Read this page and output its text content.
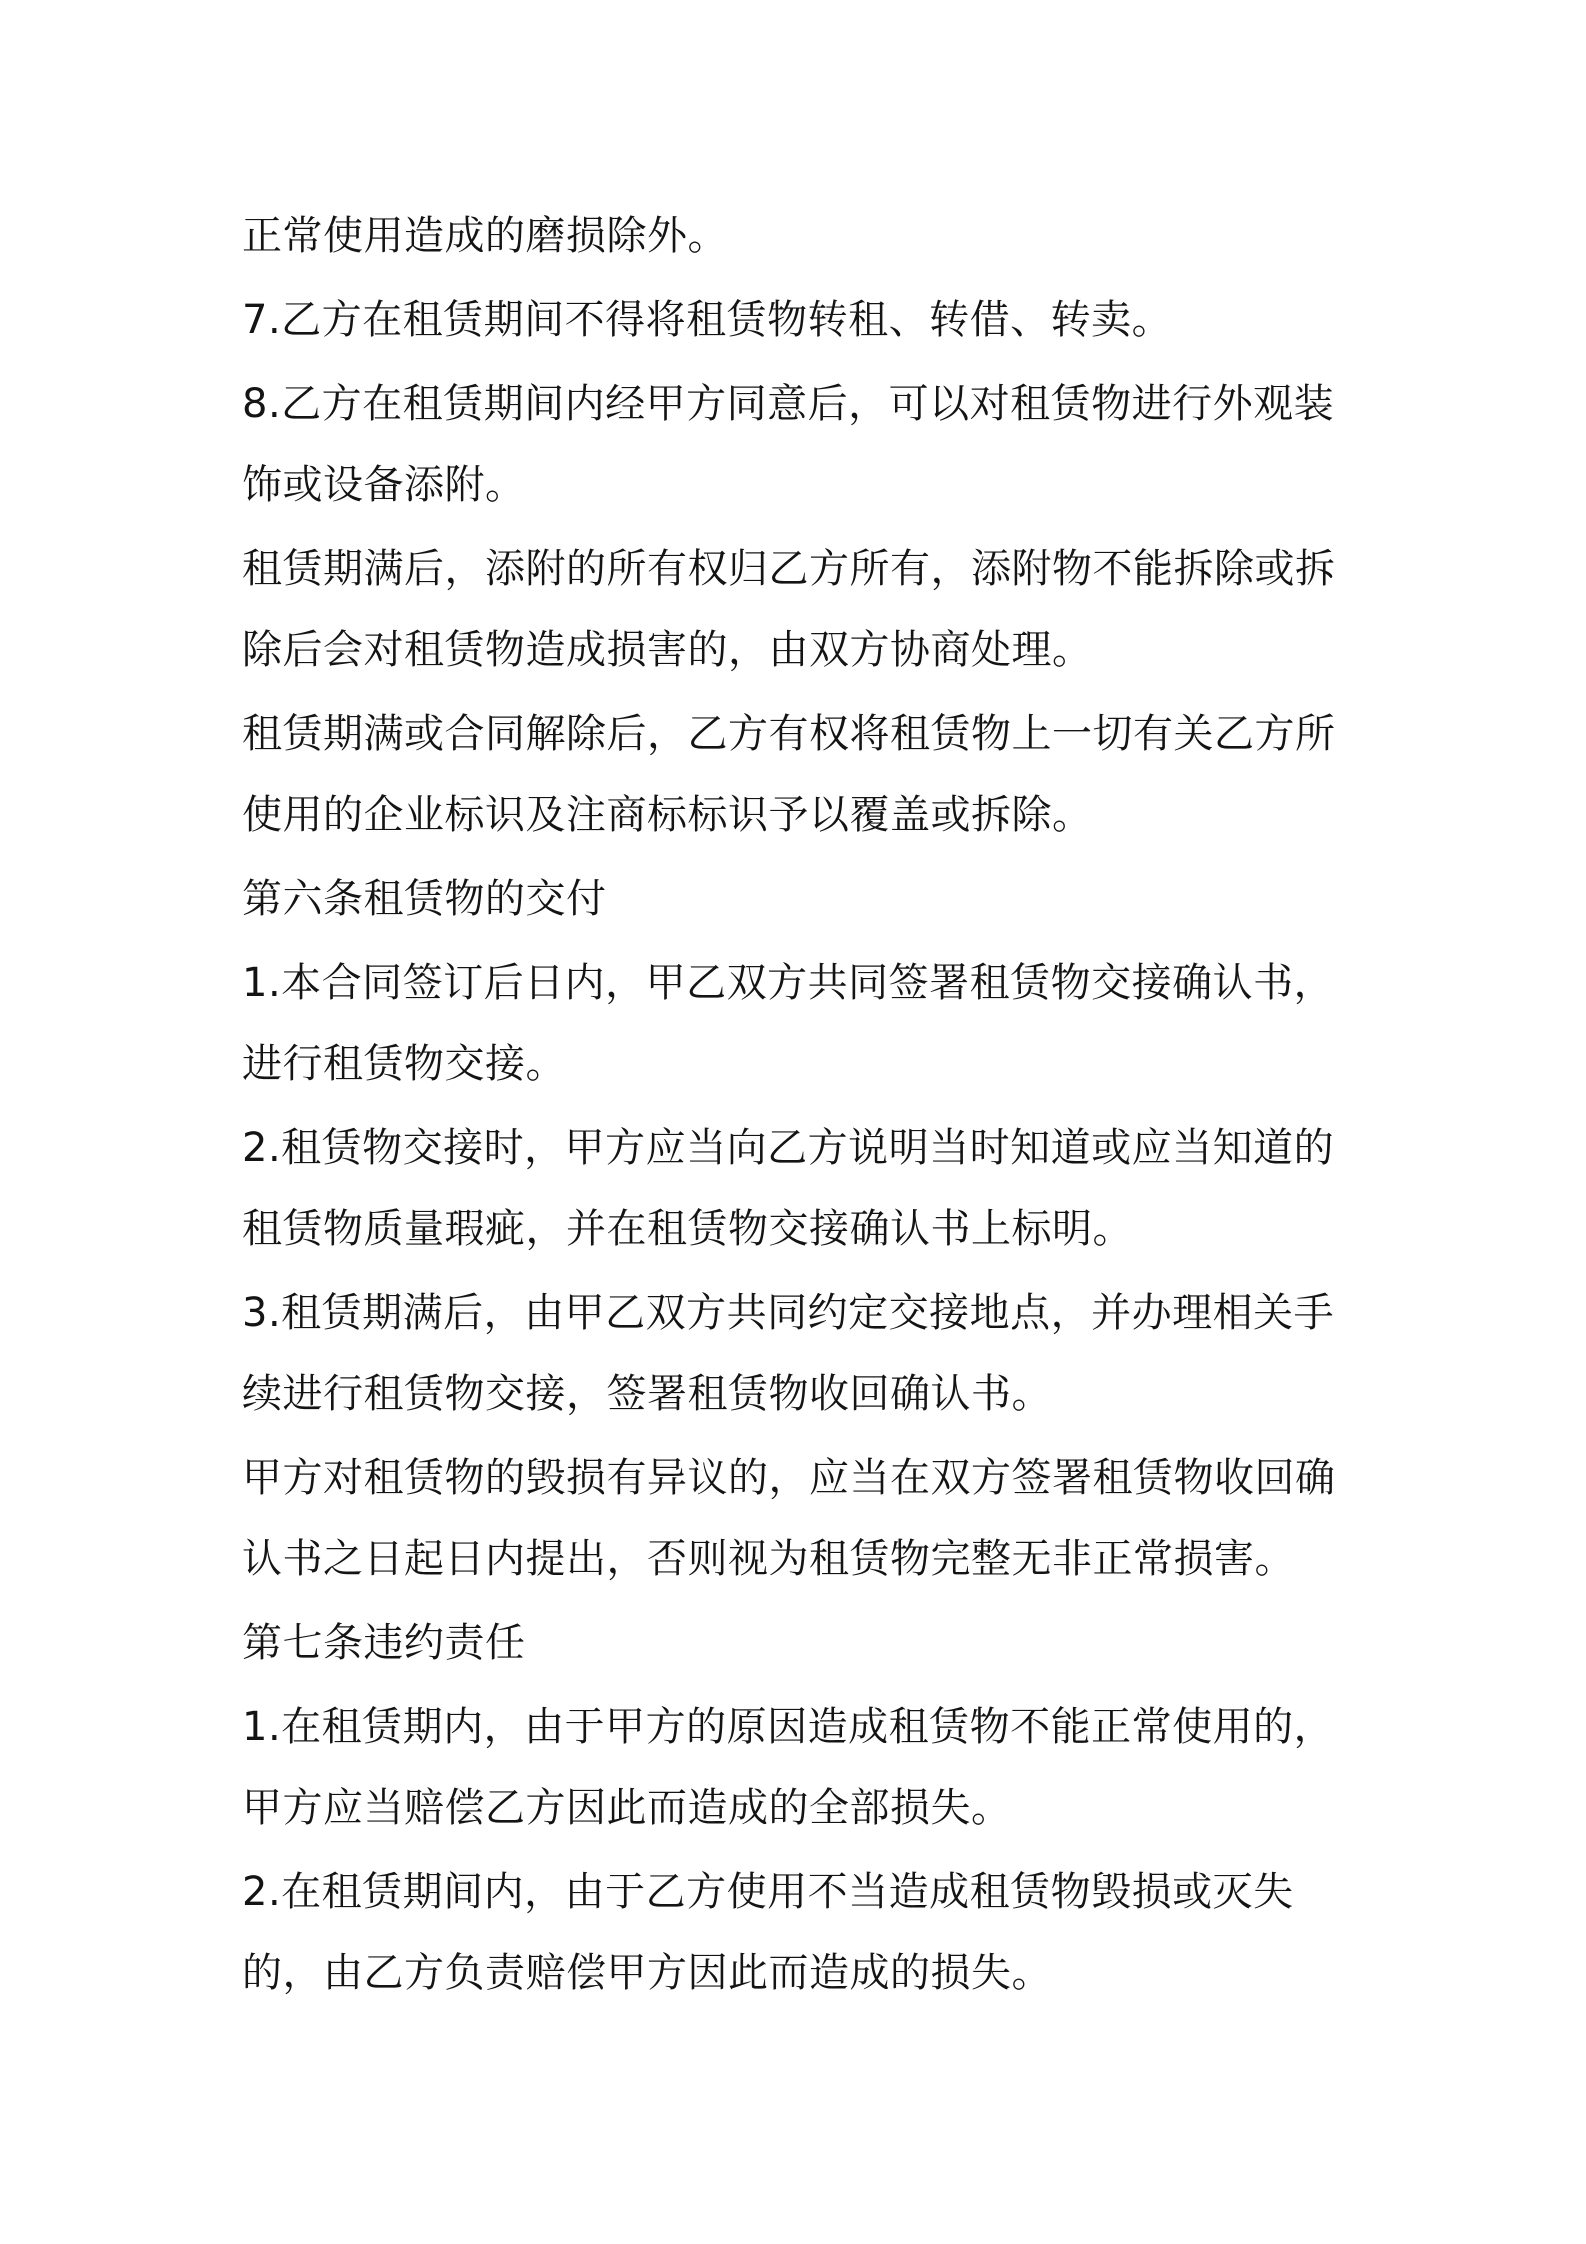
正常使用造成的磨损除外。

7.乙方在租赁期间不得将租赁物转租、转借、转卖。

8.乙方在租赁期间内经甲方同意后，可以对租赁物进行外观装饰或设备添附。

租赁期满后，添附的所有权归乙方所有，添附物不能拆除或拆除后会对租赁物造成损害的，由双方协商处理。

租赁期满或合同解除后，乙方有权将租赁物上一切有关乙方所使用的企业标识及注商标标识予以覆盖或拆除。

第六条租赁物的交付

1.本合同签订后日内，甲乙双方共同签署租赁物交接确认书，进行租赁物交接。

2.租赁物交接时，甲方应当向乙方说明当时知道或应当知道的租赁物质量瑕疵，并在租赁物交接确认书上标明。

3.租赁期满后，由甲乙双方共同约定交接地点，并办理相关手续进行租赁物交接，签署租赁物收回确认书。

甲方对租赁物的毁损有异议的，应当在双方签署租赁物收回确认书之日起日内提出，否则视为租赁物完整无非正常损害。

第七条违约责任

1.在租赁期内，由于甲方的原因造成租赁物不能正常使用的，甲方应当赔偿乙方因此而造成的全部损失。

2.在租赁期间内，由于乙方使用不当造成租赁物毁损或灭失的，由乙方负责赔偿甲方因此而造成的损失。
